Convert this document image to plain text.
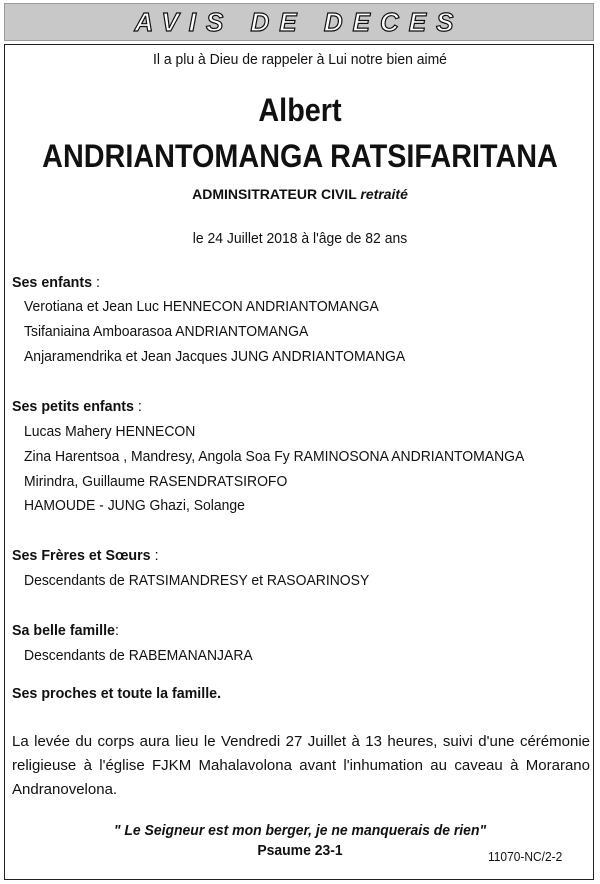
AVIS DE DECES
Il a plu à Dieu de rappeler à Lui notre bien aimé
Albert
ANDRIANTOMANGA RATSIFARITANA
ADMINSITRATEUR CIVIL retraité
le 24 Juillet 2018 à l'âge de 82 ans
Ses enfants :
Verotiana et Jean Luc HENNECON ANDRIANTOMANGA
Tsifaniaina Amboarasoa ANDRIANTOMANGA
Anjaramendrika et Jean Jacques JUNG ANDRIANTOMANGA
Ses petits enfants :
Lucas Mahery HENNECON
Zina Harentsoa , Mandresy, Angola Soa Fy RAMINOSONA ANDRIANTOMANGA
Mirindra, Guillaume RASENDRATSIROFO
HAMOUDE - JUNG Ghazi, Solange
Ses Frères et Sœurs :
Descendants de RATSIMANDRESY et RASOARINOSY
Sa belle famille:
Descendants de RABEMANANJARA
Ses proches et toute la famille.

La levée du corps aura lieu le Vendredi 27 Juillet à 13 heures, suivi d'une cérémonie religieuse à l'église FJKM Mahalavolona avant l'inhumation au caveau à Morarano Andranovelona.

" Le Seigneur est mon berger, je ne manquerais de rien"
Psaume 23-1	11070-NC/2-2
